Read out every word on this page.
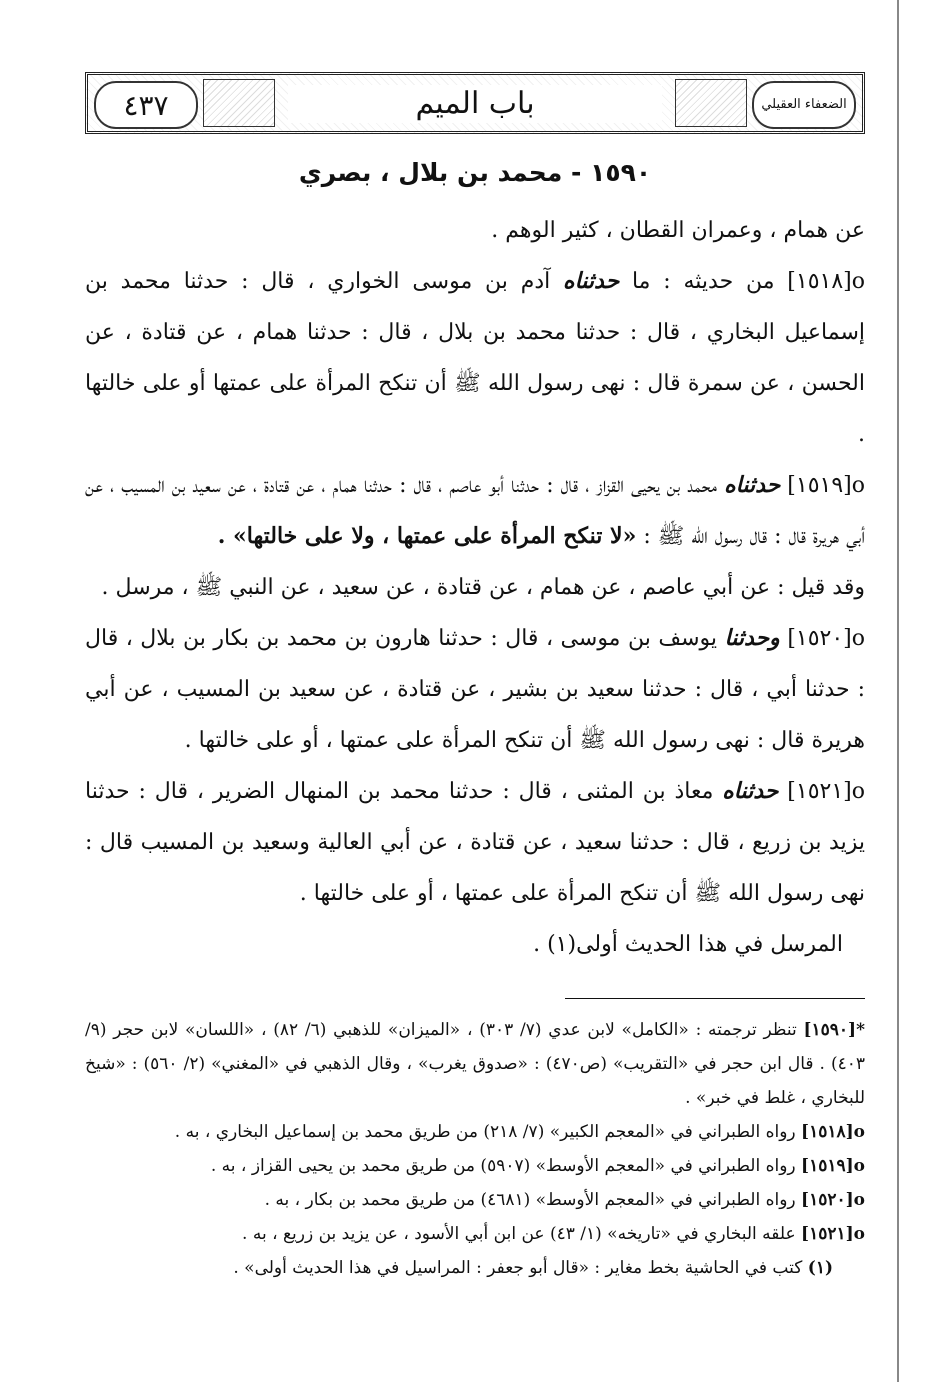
الضعفاء العقيلي
باب الميم
٤٣٧
١٥٩٠ - محمد بن بلال ، بصري

عن همام ، وعمران القطان ، كثير الوهم .

o[١٥١٨] من حديثه : ما حدثناه آدم بن موسى الخواري ، قال : حدثنا محمد بن إسماعيل البخاري ، قال : حدثنا محمد بن بلال ، قال : حدثنا همام ، عن قتادة ، عن الحسن ، عن سمرة قال : نهى رسول الله ﷺ أن تنكح المرأة على عمتها أو على خالتها .

o[١٥١٩] حدثناه محمد بن يحيى القزاز ، قال : حدثنا أبو عاصم ، قال : حدثنا همام ، عن قتادة ، عن سعيد بن المسيب ، عن أبي هريرة قال : قال رسول الله ﷺ : «لا تنكح المرأة على عمتها ، ولا على خالتها» .

وقد قيل : عن أبي عاصم ، عن همام ، عن قتادة ، عن سعيد ، عن النبي ﷺ ، مرسل .

o[١٥٢٠] وحدثنا يوسف بن موسى ، قال : حدثنا هارون بن محمد بن بكار بن بلال ، قال : حدثنا أبي ، قال : حدثنا سعيد بن بشير ، عن قتادة ، عن سعيد بن المسيب ، عن أبي هريرة قال : نهى رسول الله ﷺ أن تنكح المرأة على عمتها ، أو على خالتها .

o[١٥٢١] حدثناه معاذ بن المثنى ، قال : حدثنا محمد بن المنهال الضرير ، قال : حدثنا يزيد بن زريع ، قال : حدثنا سعيد ، عن قتادة ، عن أبي العالية وسعيد بن المسيب قال : نهى رسول الله ﷺ أن تنكح المرأة على عمتها ، أو على خالتها .

المرسل في هذا الحديث أولى(١) .

*[١٥٩٠] تنظر ترجمته : «الكامل» لابن عدي (٧/ ٣٠٣) ، «الميزان» للذهبي (٦/ ٨٢) ، «اللسان» لابن حجر (٩/ ٤٠٣) . قال ابن حجر في «التقريب» (ص٤٧٠) : «صدوق يغرب» ، وقال الذهبي في «المغني» (٢/ ٥٦٠) : «شيخ للبخاري ، غلط في خبر» .

o[١٥١٨] رواه الطبراني في «المعجم الكبير» (٧/ ٢١٨) من طريق محمد بن إسماعيل البخاري ، به .

o[١٥١٩] رواه الطبراني في «المعجم الأوسط» (٥٩٠٧) من طريق محمد بن يحيى القزاز ، به .

o[١٥٢٠] رواه الطبراني في «المعجم الأوسط» (٤٦٨١) من طريق محمد بن بكار ، به .

o[١٥٢١] علقه البخاري في «تاريخه» (١/ ٤٣) عن ابن أبي الأسود ، عن يزيد بن زريع ، به .

(١) كتب في الحاشية بخط مغاير : «قال أبو جعفر : المراسيل في هذا الحديث أولى» .
